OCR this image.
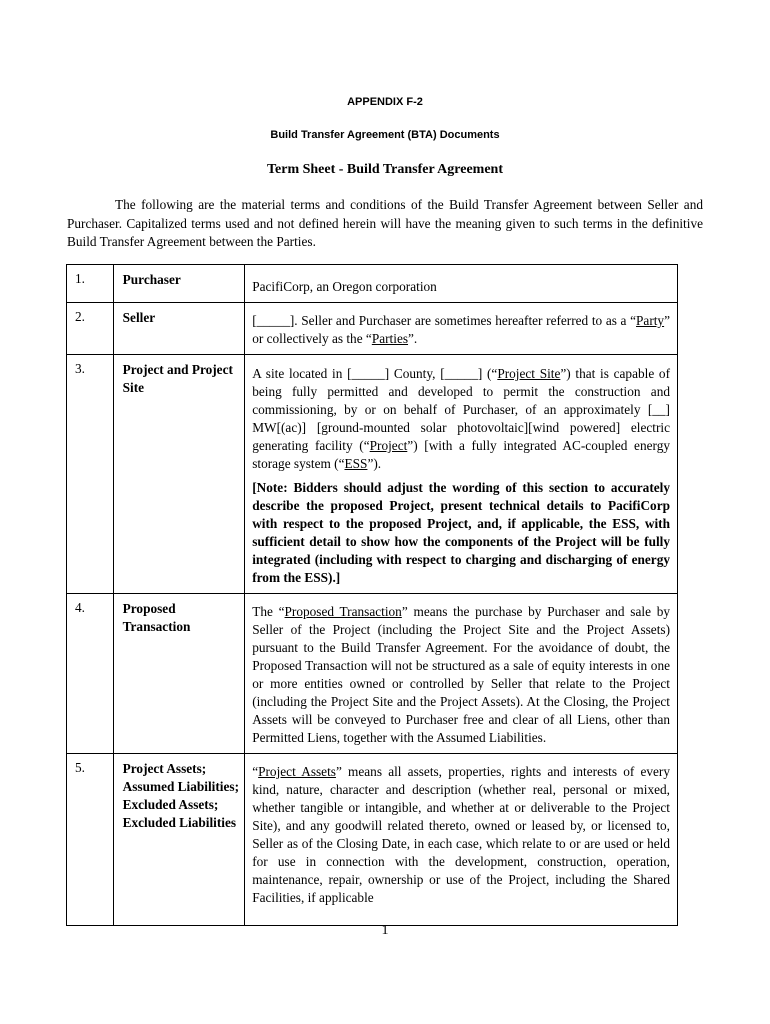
APPENDIX F-2
Build Transfer Agreement (BTA) Documents
Term Sheet - Build Transfer Agreement

The following are the material terms and conditions of the Build Transfer Agreement between Seller and Purchaser. Capitalized terms used and not defined herein will have the meaning given to such terms in the definitive Build Transfer Agreement between the Parties.

1.	Purchaser	PacifiCorp, an Oregon corporation

2.	Seller	[_____]. Seller and Purchaser are sometimes hereafter referred to as a “Party” or collectively as the “Parties”.

3.	Project and Project Site	A site located in [_____] County, [_____] (“Project Site”) that is capable of being fully permitted and developed to permit the construction and commissioning, by or on behalf of Purchaser, of an approximately [__] MW[(ac)] [ground-mounted solar photovoltaic][wind powered] electric generating facility (“Project”) [with a fully integrated AC-coupled energy storage system (“ESS”).

[Note: Bidders should adjust the wording of this section to accurately describe the proposed Project, present technical details to PacifiCorp with respect to the proposed Project, and, if applicable, the ESS, with sufficient detail to show how the components of the Project will be fully integrated (including with respect to charging and discharging of energy from the ESS).]

4.	Proposed Transaction	The “Proposed Transaction” means the purchase by Purchaser and sale by Seller of the Project (including the Project Site and the Project Assets) pursuant to the Build Transfer Agreement. For the avoidance of doubt, the Proposed Transaction will not be structured as a sale of equity interests in one or more entities owned or controlled by Seller that relate to the Project (including the Project Site and the Project Assets). At the Closing, the Project Assets will be conveyed to Purchaser free and clear of all Liens, other than Permitted Liens, together with the Assumed Liabilities.

5.	Project Assets; Assumed Liabilities; Excluded Assets; Excluded Liabilities	“Project Assets” means all assets, properties, rights and interests of every kind, nature, character and description (whether real, personal or mixed, whether tangible or intangible, and whether at or deliverable to the Project Site), and any goodwill related thereto, owned or leased by, or licensed to, Seller as of the Closing Date, in each case, which relate to or are used or held for use in connection with the development, construction, operation, maintenance, repair, ownership or use of the Project, including the Shared Facilities, if applicable

1
